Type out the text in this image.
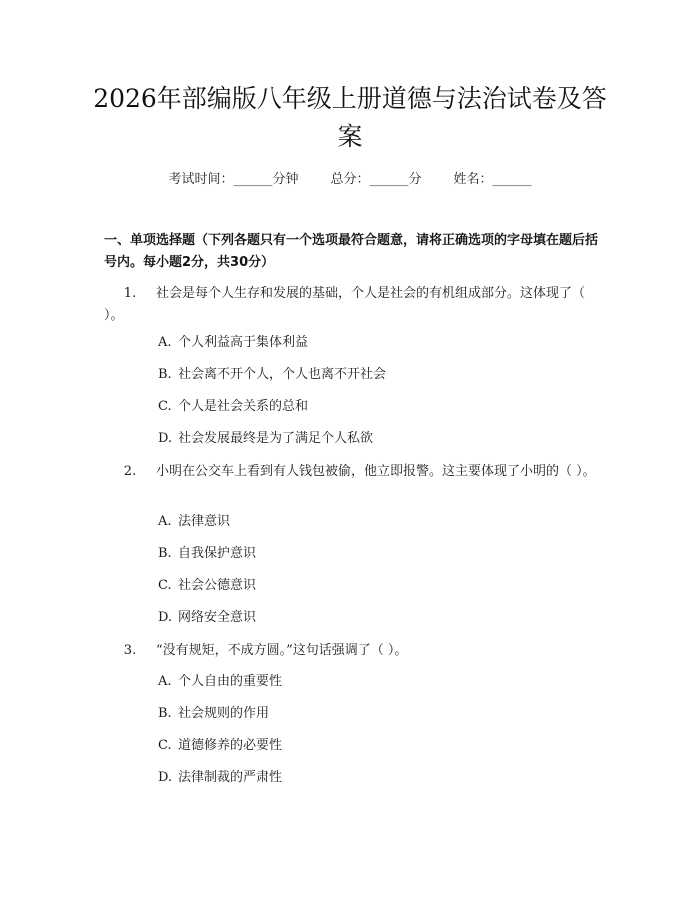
2026年部编版八年级上册道德与法治试卷及答案
考试时间：______分钟 总分：______分 姓名：______
一、单项选择题（下列各题只有一个选项最符合题意，请将正确选项的字母填在题后括号内。每小题2分，共30分）
1. 社会是每个人生存和发展的基础，个人是社会的有机组成部分。这体现了（ ）。
A. 个人利益高于集体利益
B. 社会离不开个人，个人也离不开社会
C. 个人是社会关系的总和
D. 社会发展最终是为了满足个人私欲
2. 小明在公交车上看到有人钱包被偷，他立即报警。这主要体现了小明的（ ）。
A. 法律意识
B. 自我保护意识
C. 社会公德意识
D. 网络安全意识
3. “没有规矩，不成方圆。”这句话强调了（ ）。
A. 个人自由的重要性
B. 社会规则的作用
C. 道德修养的必要性
D. 法律制裁的严肃性
